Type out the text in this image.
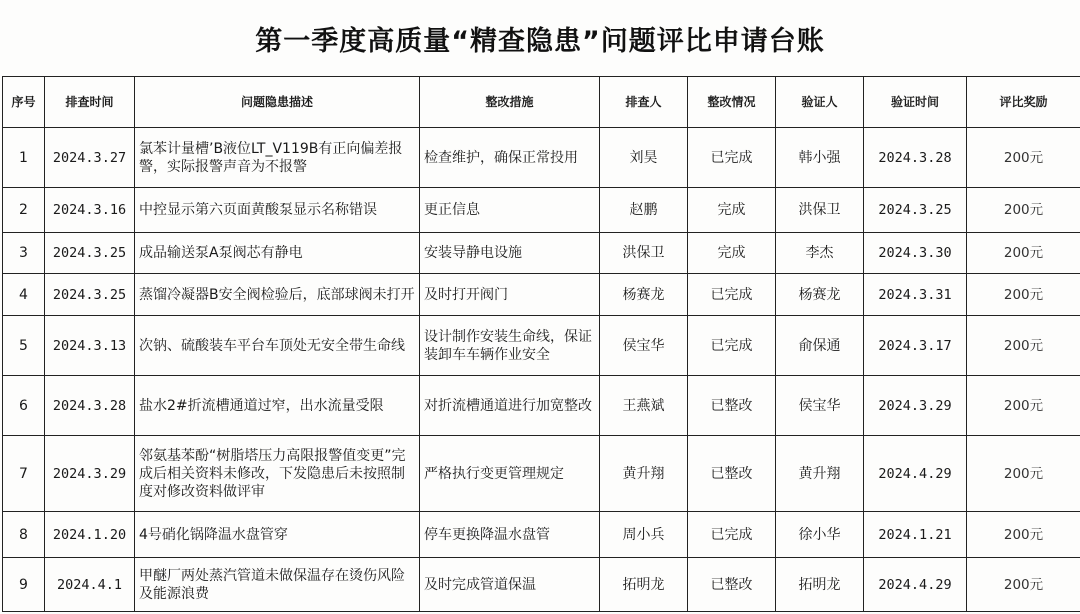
第一季度高质量“精查隐患”问题评比申请台账
序号	排查时间	问题隐患描述	整改措施	排查人	整改情况	验证人	验证时间	评比奖励
1	2024.3.27	氯苯计量槽’B液位LT_V119B有正向偏差报警，实际报警声音为不报警	检查维护，确保正常投用	刘昊	已完成	韩小强	2024.3.28	200元
2	2024.3.16	中控显示第六页面黄酸泵显示名称错误	更正信息	赵鹏	完成	洪保卫	2024.3.25	200元
3	2024.3.25	成品输送泵A泵阀芯有静电	安装导静电设施	洪保卫	完成	李杰	2024.3.30	200元
4	2024.3.25	蒸馏冷凝器B安全阀检验后，底部球阀未打开	及时打开阀门	杨赛龙	已完成	杨赛龙	2024.3.31	200元
5	2024.3.13	次钠、硫酸装车平台车顶处无安全带生命线	设计制作安装生命线，保证装卸车车辆作业安全	侯宝华	已完成	俞保通	2024.3.17	200元
6	2024.3.28	盐水2#折流槽通道过窄，出水流量受限	对折流槽通道进行加宽整改	王燕斌	已整改	侯宝华	2024.3.29	200元
7	2024.3.29	邻氨基苯酚“树脂塔压力高限报警值变更”完成后相关资料未修改，下发隐患后未按照制度对修改资料做评审	严格执行变更管理规定	黄升翔	已整改	黄升翔	2024.4.29	200元
8	2024.1.20	4号硝化锅降温水盘管穿	停车更换降温水盘管	周小兵	已完成	徐小华	2024.1.21	200元
9	2024.4.1	甲醚厂两处蒸汽管道未做保温存在烫伤风险及能源浪费	及时完成管道保温	拓明龙	已整改	拓明龙	2024.4.29	200元
